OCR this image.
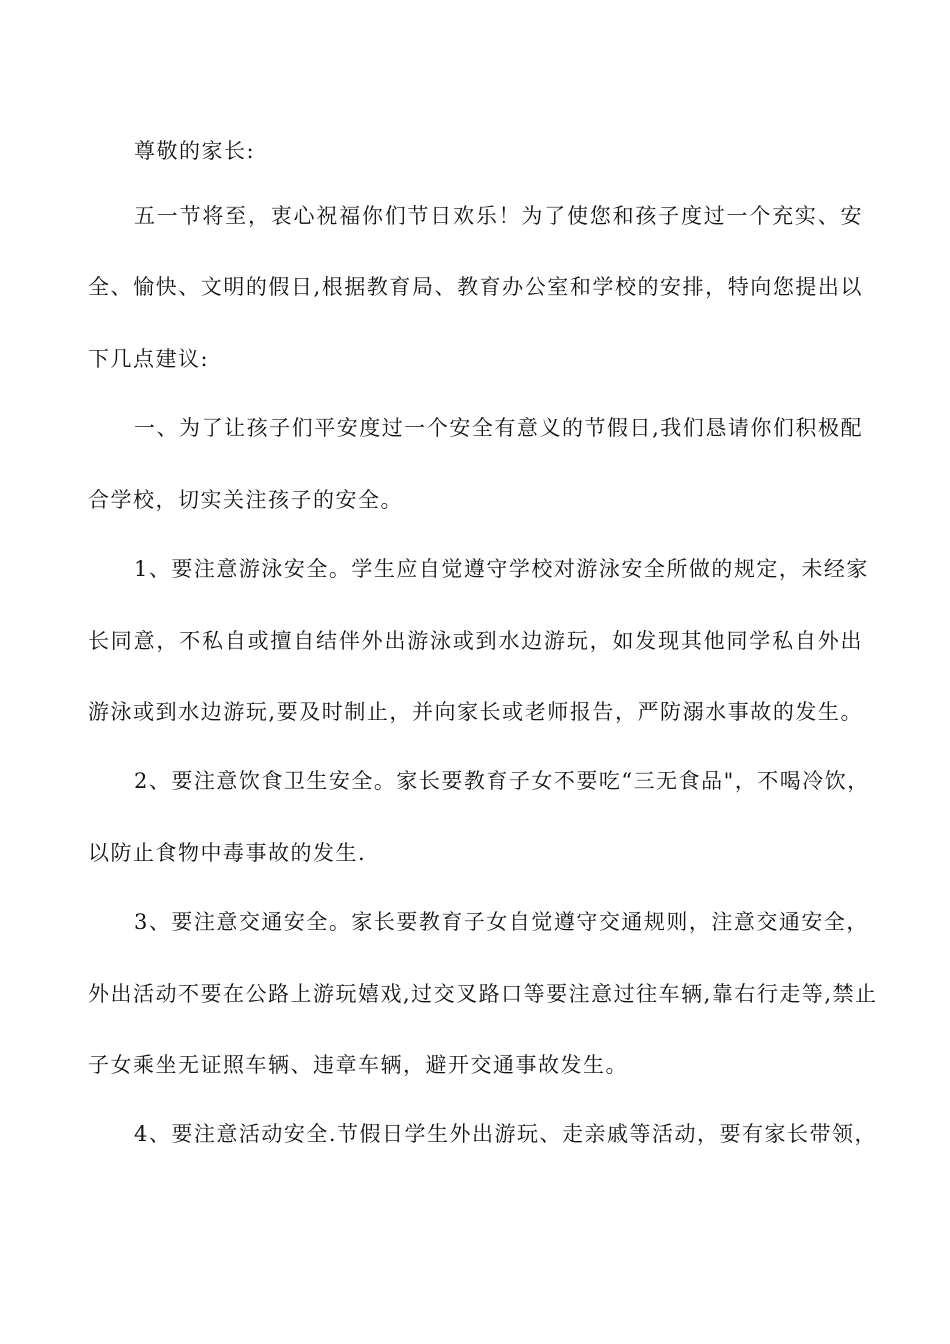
尊敬的家长:

五一节将至，衷心祝福你们节日欢乐！为了使您和孩子度过一个充实、安

全、愉快、文明的假日,根据教育局、教育办公室和学校的安排，特向您提出以

下几点建议:

一、为了让孩子们平安度过一个安全有意义的节假日,我们恳请你们积极配

合学校，切实关注孩子的安全。

1、要注意游泳安全。学生应自觉遵守学校对游泳安全所做的规定，未经家

长同意，不私自或擅自结伴外出游泳或到水边游玩，如发现其他同学私自外出

游泳或到水边游玩,要及时制止，并向家长或老师报告，严防溺水事故的发生。

2、要注意饮食卫生安全。家长要教育子女不要吃“三无食品"，不喝冷饮，

以防止食物中毒事故的发生.

3、要注意交通安全。家长要教育子女自觉遵守交通规则，注意交通安全，

外出活动不要在公路上游玩嬉戏,过交叉路口等要注意过往车辆,靠右行走等,禁止

子女乘坐无证照车辆、违章车辆，避开交通事故发生。

4、要注意活动安全.节假日学生外出游玩、走亲戚等活动，要有家长带领，
